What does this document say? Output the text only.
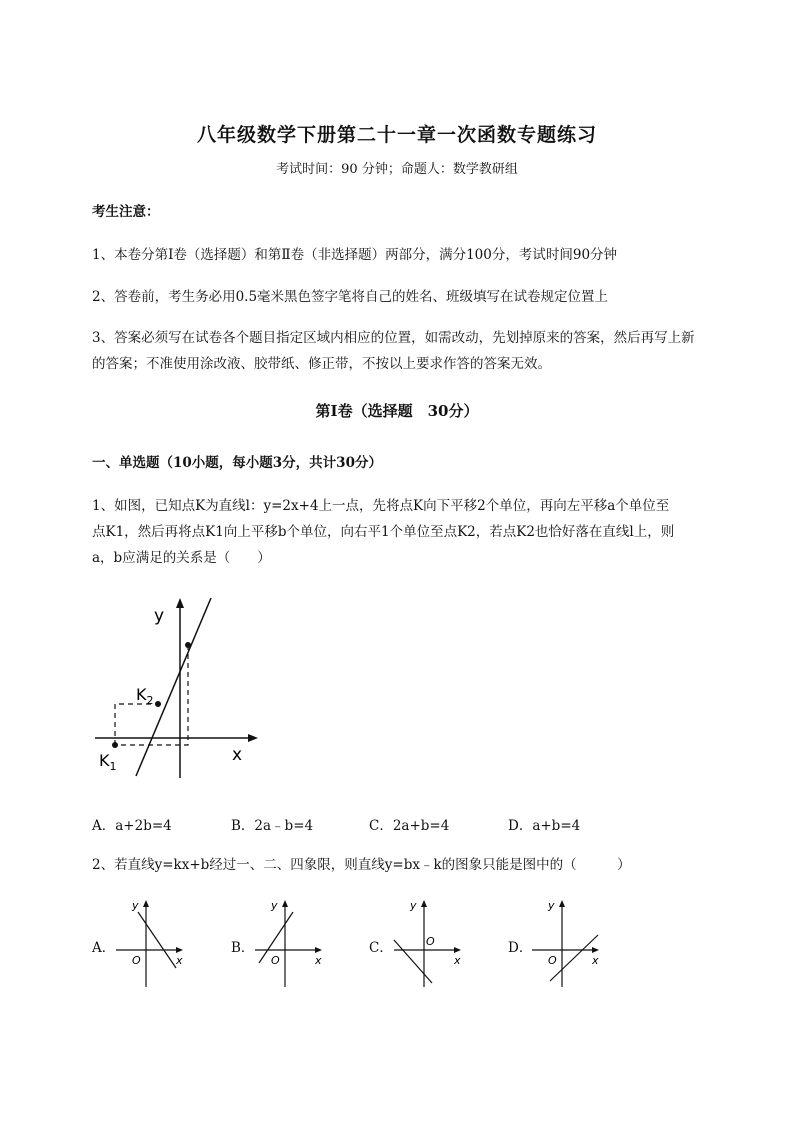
八年级数学下册第二十一章一次函数专题练习
考试时间：90 分钟；命题人：数学教研组
考生注意：
1、本卷分第Ⅰ卷（选择题）和第Ⅱ卷（非选择题）两部分，满分100分，考试时间90分钟
2、答卷前，考生务必用0.5毫米黑色签字笔将自己的姓名、班级填写在试卷规定位置上
3、答案必须写在试卷各个题目指定区域内相应的位置，如需改动，先划掉原来的答案，然后再写上新
的答案；不准使用涂改液、胶带纸、修正带，不按以上要求作答的答案无效。
第Ⅰ卷（选择题　30分）
一、单选题（10小题，每小题3分，共计30分）
1、如图，已知点K为直线l：y=2x+4上一点，先将点K向下平移2个单位，再向左平移a个单位至
点K1，然后再将点K1向上平移b个单位，向右平1个单位至点K2，若点K2也恰好落在直线l上，则
a，b应满足的关系是（　　）
y
x
$K_2$
$K_1$
A．a+2b=4	B．2a﹣b=4	C．2a+b=4	D．a+b=4
2、若直线y=kx+b经过一、二、四象限，则直线y=bx﹣k的图象只能是图中的（　　　）
A．
y
O	x
B．
y
O	x
C．
y
O
x
D．
y
O	x
